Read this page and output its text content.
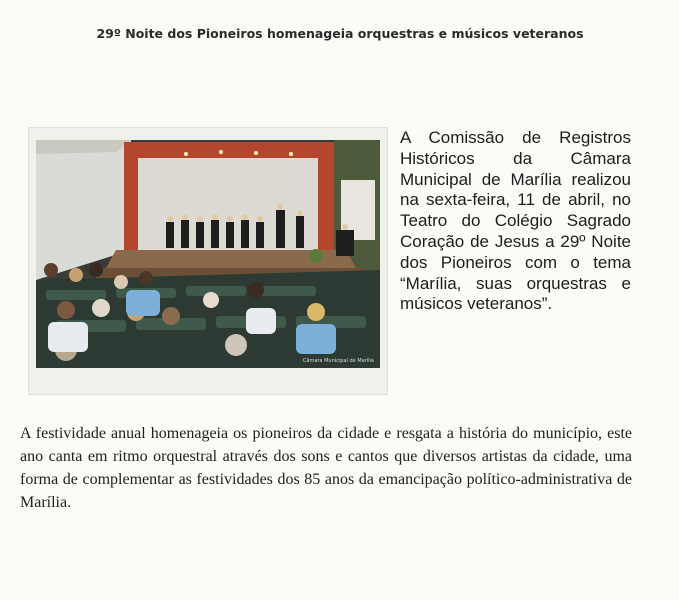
29º Noite dos Pioneiros homenageia orquestras e músicos veteranos
Câmara Municipal de Marília
A Comissão de Registros Históricos da Câmara Municipal de Marília realizou na sexta-feira, 11 de abril, no Teatro do Colégio Sagrado Coração de Jesus a 29º Noite dos Pioneiros com o tema “Marília, suas orquestras e músicos veteranos”.
A festividade anual homenageia os pioneiros da cidade e resgata a história do município, este ano canta em ritmo orquestral através dos sons e cantos que diversos artistas da cidade, uma forma de complementar as festividades dos 85 anos da emancipação político-administrativa de Marília.
